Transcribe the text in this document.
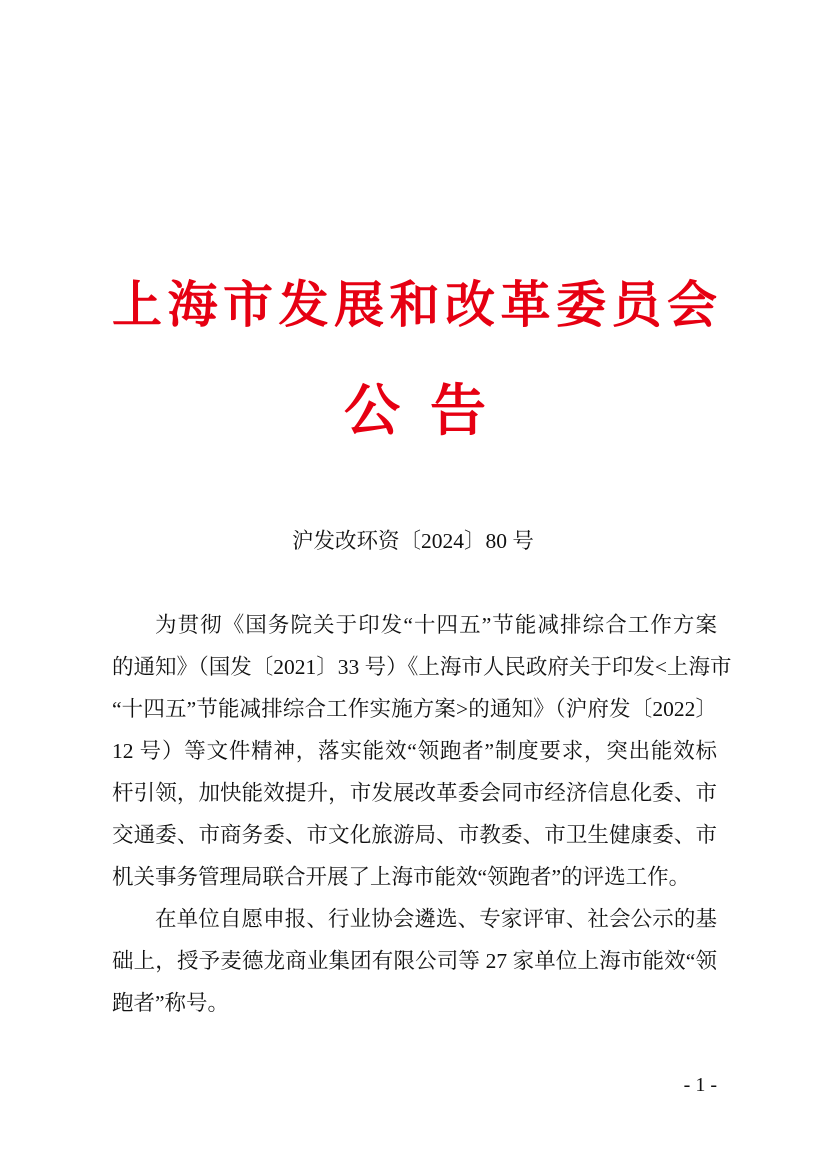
上海市发展和改革委员会
公 告
沪发改环资〔2024〕80 号
为贯彻《国务院关于印发“十四五”节能减排综合工作方案
的通知》（国发〔2021〕33 号）《上海市人民政府关于印发<上海市
“十四五”节能减排综合工作实施方案>的通知》（沪府发〔2022〕
12 号）等文件精神，落实能效“领跑者”制度要求，突出能效标
杆引领，加快能效提升，市发展改革委会同市经济信息化委、市
交通委、市商务委、市文化旅游局、市教委、市卫生健康委、市
机关事务管理局联合开展了上海市能效“领跑者”的评选工作。
在单位自愿申报、行业协会遴选、专家评审、社会公示的基
础上，授予麦德龙商业集团有限公司等 27 家单位上海市能效“领
跑者”称号。
- 1 -
